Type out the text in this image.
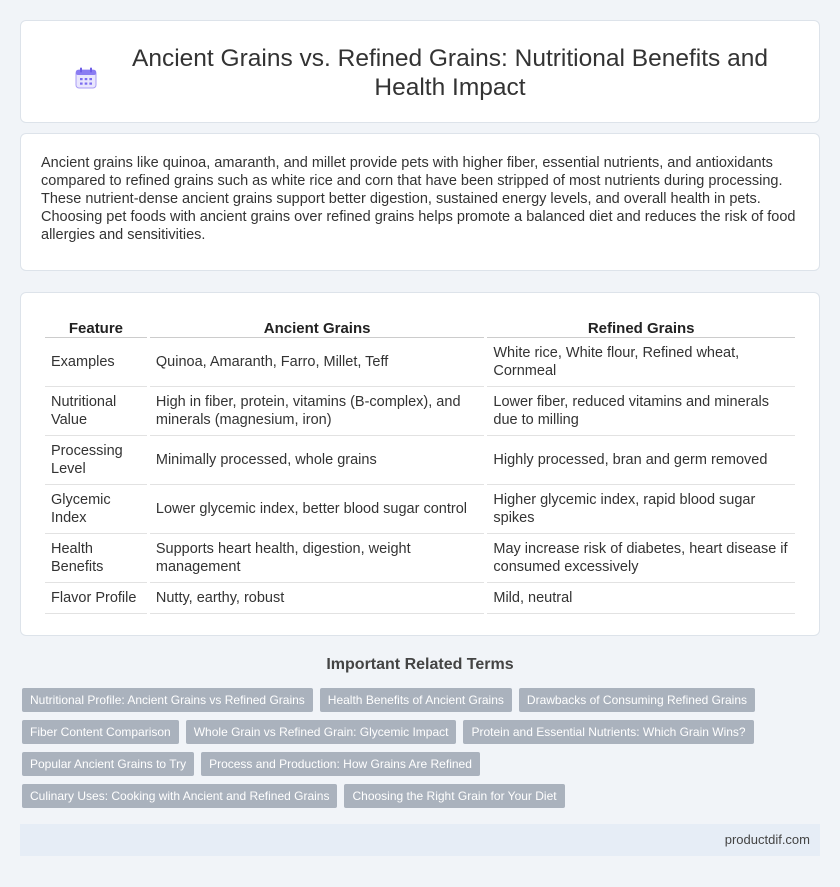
Ancient Grains vs. Refined Grains: Nutritional Benefits and Health Impact

Ancient grains like quinoa, amaranth, and millet provide pets with higher fiber, essential nutrients, and antioxidants compared to refined grains such as white rice and corn that have been stripped of most nutrients during processing. These nutrient-dense ancient grains support better digestion, sustained energy levels, and overall health in pets. Choosing pet foods with ancient grains over refined grains helps promote a balanced diet and reduces the risk of food allergies and sensitivities.

Feature	Ancient Grains	Refined Grains
Examples	Quinoa, Amaranth, Farro, Millet, Teff	White rice, White flour, Refined wheat, Cornmeal
Nutritional Value	High in fiber, protein, vitamins (B-complex), and minerals (magnesium, iron)	Lower fiber, reduced vitamins and minerals due to milling
Processing Level	Minimally processed, whole grains	Highly processed, bran and germ removed
Glycemic Index	Lower glycemic index, better blood sugar control	Higher glycemic index, rapid blood sugar spikes
Health Benefits	Supports heart health, digestion, weight management	May increase risk of diabetes, heart disease if consumed excessively
Flavor Profile	Nutty, earthy, robust	Mild, neutral
Important Related Terms
Nutritional Profile: Ancient Grains vs Refined Grains	Health Benefits of Ancient Grains	Drawbacks of Consuming Refined Grains
Fiber Content Comparison	Whole Grain vs Refined Grain: Glycemic Impact	Protein and Essential Nutrients: Which Grain Wins?
Popular Ancient Grains to Try	Process and Production: How Grains Are Refined
Culinary Uses: Cooking with Ancient and Refined Grains	Choosing the Right Grain for Your Diet
productdif.com
